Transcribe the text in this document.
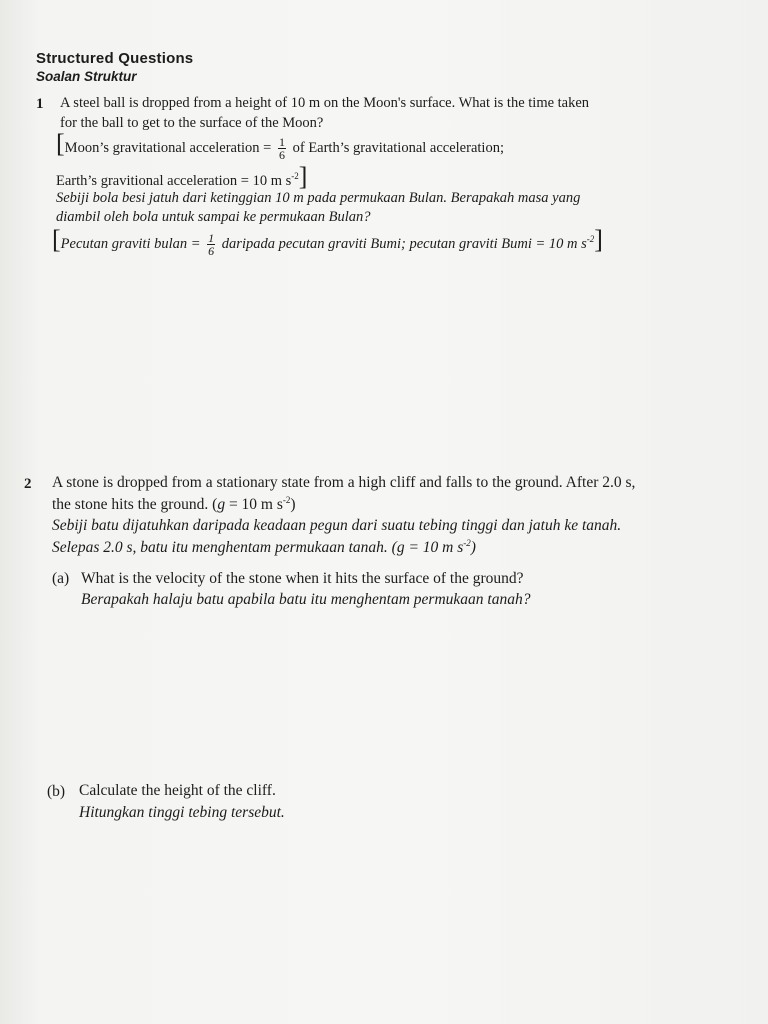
Structured Questions
Soalan Struktur
1 A steel ball is dropped from a height of 10 m on the Moon's surface. What is the time taken
for the ball to get to the surface of the Moon?
[Moon’s gravitational acceleration = $\frac{1}{6}$ of Earth’s gravitational acceleration;
Earth’s gravitional acceleration = 10 m $s^{-2}$]
Sebiji bola besi jatuh dari ketinggian 10 m pada permukaan Bulan. Berapakah masa yang
diambil oleh bola untuk sampai ke permukaan Bulan?
[Pecutan graviti bulan = $\frac{1}{6}$ daripada pecutan graviti Bumi; pecutan graviti Bumi = 10 m $s^{-2}$]
2 A stone is dropped from a stationary state from a high cliff and falls to the ground. After 2.0 s,
the stone hits the ground. (g = 10 m $s^{-2}$)
Sebiji batu dijatuhkan daripada keadaan pegun dari suatu tebing tinggi dan jatuh ke tanah.
Selepas 2.0 s, batu itu menghentam permukaan tanah. (g = 10 m $s^{-2}$)
(a) What is the velocity of the stone when it hits the surface of the ground?
Berapakah halaju batu apabila batu itu menghentam permukaan tanah?
(b) Calculate the height of the cliff.
Hitungkan tinggi tebing tersebut.
